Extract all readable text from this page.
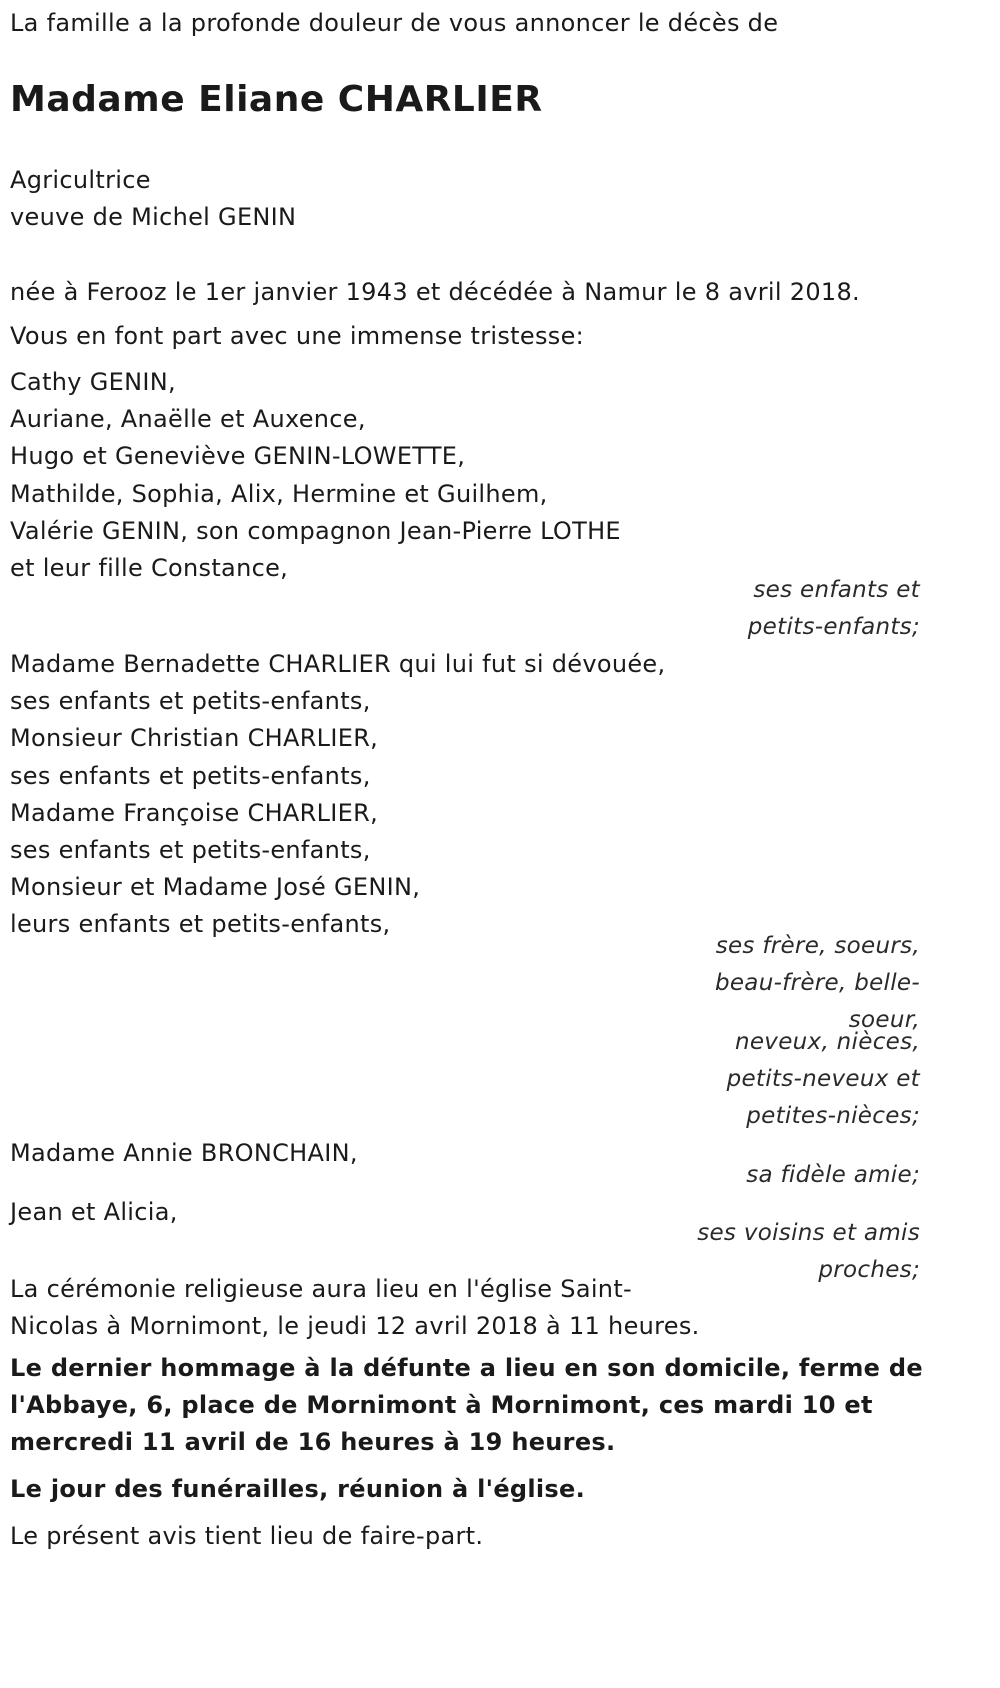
La famille a la profonde douleur de vous annoncer le décès de
Madame Eliane CHARLIER
Agricultrice
veuve de Michel GENIN
née à Ferooz le 1er janvier 1943 et décédée à Namur le 8 avril 2018.
Vous en font part avec une immense tristesse:
Cathy GENIN,
Auriane, Anaëlle et Auxence,
Hugo et Geneviève GENIN-LOWETTE,
Mathilde, Sophia, Alix, Hermine et Guilhem,
Valérie GENIN, son compagnon Jean-Pierre LOTHE
et leur fille Constance,
ses enfants et
petits-enfants;
Madame Bernadette CHARLIER qui lui fut si dévouée,
ses enfants et petits-enfants,
Monsieur Christian CHARLIER,
ses enfants et petits-enfants,
Madame Françoise CHARLIER,
ses enfants et petits-enfants,
Monsieur et Madame José GENIN,
leurs enfants et petits-enfants,
ses frère, soeurs,
beau-frère, belle-
soeur,
neveux, nièces,
petits-neveux et
petites-nièces;
Madame Annie BRONCHAIN,
sa fidèle amie;
Jean et Alicia,
ses voisins et amis
proches;
La cérémonie religieuse aura lieu en l'église Saint-
Nicolas à Mornimont, le jeudi 12 avril 2018 à 11 heures.
Le dernier hommage à la défunte a lieu en son domicile, ferme de
l'Abbaye, 6, place de Mornimont à Mornimont, ces mardi 10 et
mercredi 11 avril de 16 heures à 19 heures.
Le jour des funérailles, réunion à l'église.
Le présent avis tient lieu de faire-part.
